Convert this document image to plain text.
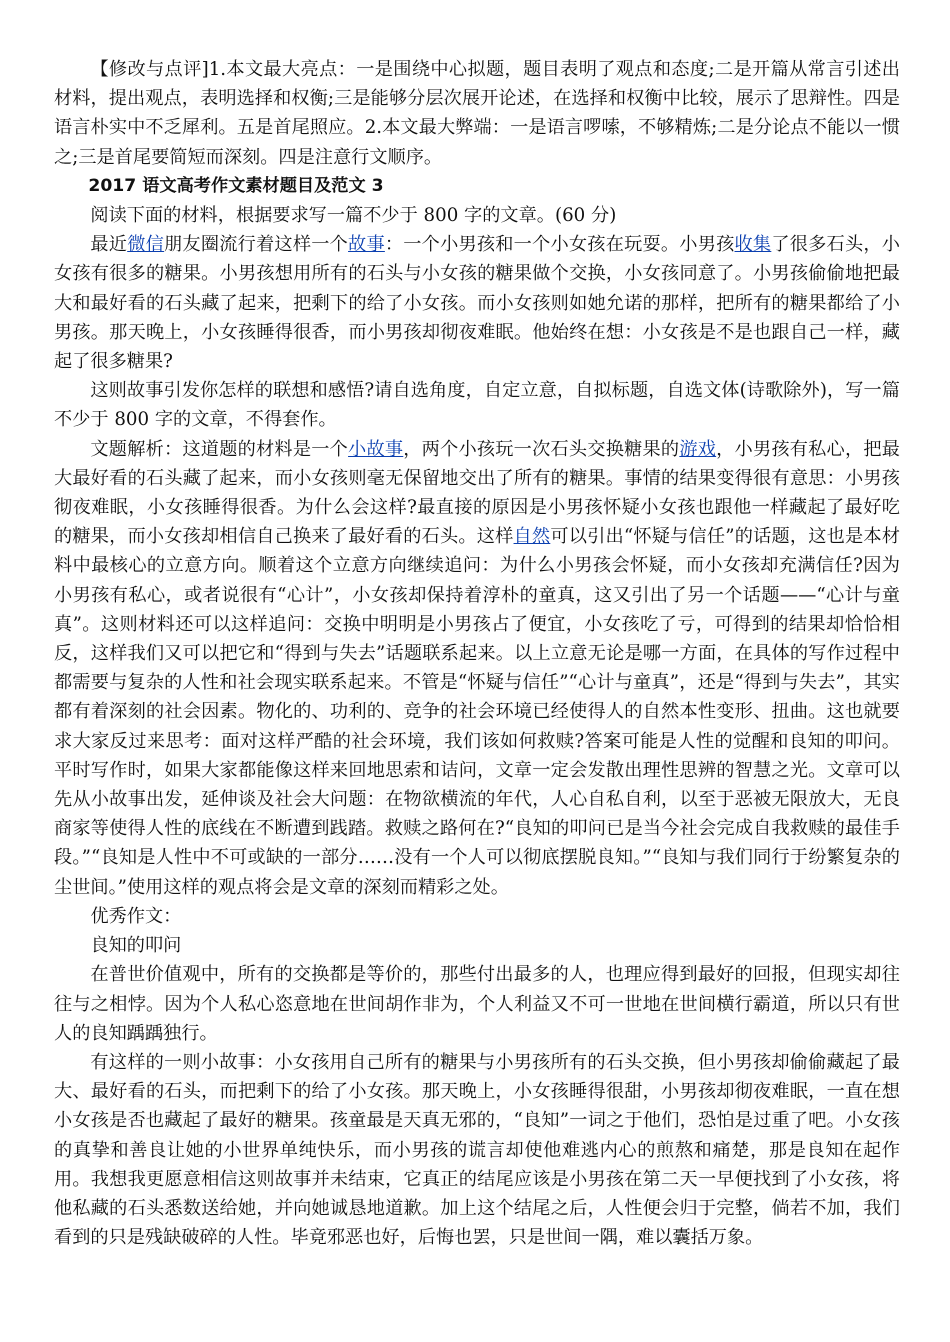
【修改与点评]1.本文最大亮点：一是围绕中心拟题，题目表明了观点和态度;二是开篇从常言引述出材料，提出观点，表明选择和权衡;三是能够分层次展开论述，在选择和权衡中比较，展示了思辩性。四是语言朴实中不乏犀利。五是首尾照应。2.本文最大弊端：一是语言啰嗦，不够精炼;二是分论点不能以一惯之;三是首尾要简短而深刻。四是注意行文顺序。

2017 语文高考作文素材题目及范文 3

阅读下面的材料，根据要求写一篇不少于 800 字的文章。(60 分)

最近微信朋友圈流行着这样一个故事：一个小男孩和一个小女孩在玩耍。小男孩收集了很多石头，小女孩有很多的糖果。小男孩想用所有的石头与小女孩的糖果做个交换，小女孩同意了。小男孩偷偷地把最大和最好看的石头藏了起来，把剩下的给了小女孩。而小女孩则如她允诺的那样，把所有的糖果都给了小男孩。那天晚上，小女孩睡得很香，而小男孩却彻夜难眠。他始终在想：小女孩是不是也跟自己一样，藏起了很多糖果?

这则故事引发你怎样的联想和感悟?请自选角度，自定立意，自拟标题，自选文体(诗歌除外)，写一篇不少于 800 字的文章，不得套作。

文题解析：这道题的材料是一个小故事，两个小孩玩一次石头交换糖果的游戏，小男孩有私心，把最大最好看的石头藏了起来，而小女孩则毫无保留地交出了所有的糖果。事情的结果变得很有意思：小男孩彻夜难眠，小女孩睡得很香。为什么会这样?最直接的原因是小男孩怀疑小女孩也跟他一样藏起了最好吃的糖果，而小女孩却相信自己换来了最好看的石头。这样自然可以引出“怀疑与信任”的话题，这也是本材料中最核心的立意方向。顺着这个立意方向继续追问：为什么小男孩会怀疑，而小女孩却充满信任?因为小男孩有私心，或者说很有“心计”，小女孩却保持着淳朴的童真，这又引出了另一个话题——“心计与童真”。这则材料还可以这样追问：交换中明明是小男孩占了便宜，小女孩吃了亏，可得到的结果却恰恰相反，这样我们又可以把它和“得到与失去”话题联系起来。以上立意无论是哪一方面，在具体的写作过程中都需要与复杂的人性和社会现实联系起来。不管是“怀疑与信任”“心计与童真”，还是“得到与失去”，其实都有着深刻的社会因素。物化的、功利的、竞争的社会环境已经使得人的自然本性变形、扭曲。这也就要求大家反过来思考：面对这样严酷的社会环境，我们该如何救赎?答案可能是人性的觉醒和良知的叩问。平时写作时，如果大家都能像这样来回地思索和诘问，文章一定会发散出理性思辨的智慧之光。文章可以先从小故事出发，延伸谈及社会大问题：在物欲横流的年代，人心自私自利，以至于恶被无限放大，无良商家等使得人性的底线在不断遭到践踏。救赎之路何在?“良知的叩问已是当今社会完成自我救赎的最佳手段。”“良知是人性中不可或缺的一部分……没有一个人可以彻底摆脱良知。”“良知与我们同行于纷繁复杂的尘世间。”使用这样的观点将会是文章的深刻而精彩之处。

优秀作文：

良知的叩问

在普世价值观中，所有的交换都是等价的，那些付出最多的人，也理应得到最好的回报，但现实却往往与之相悖。因为个人私心恣意地在世间胡作非为，个人利益又不可一世地在世间横行霸道，所以只有世人的良知踽踽独行。

有这样的一则小故事：小女孩用自己所有的糖果与小男孩所有的石头交换，但小男孩却偷偷藏起了最大、最好看的石头，而把剩下的给了小女孩。那天晚上，小女孩睡得很甜，小男孩却彻夜难眠，一直在想小女孩是否也藏起了最好的糖果。孩童最是天真无邪的，“良知”一词之于他们，恐怕是过重了吧。小女孩的真挚和善良让她的小世界单纯快乐，而小男孩的谎言却使他难逃内心的煎熬和痛楚，那是良知在起作用。我想我更愿意相信这则故事并未结束，它真正的结尾应该是小男孩在第二天一早便找到了小女孩，将他私藏的石头悉数送给她，并向她诚恳地道歉。加上这个结尾之后，人性便会归于完整，倘若不加，我们看到的只是残缺破碎的人性。毕竟邪恶也好，后悔也罢，只是世间一隅，难以囊括万象。
